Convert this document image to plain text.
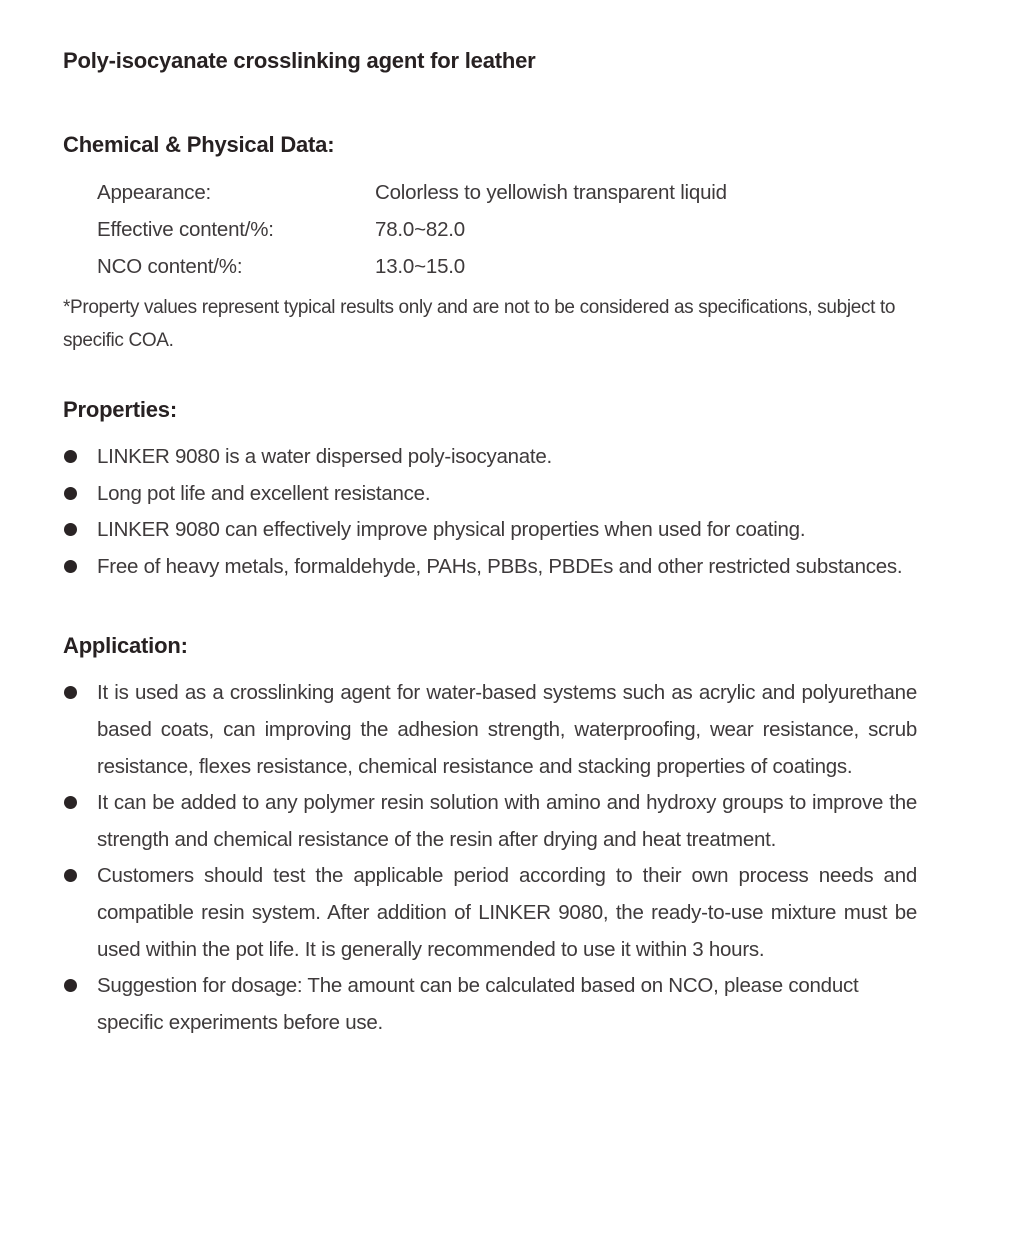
Poly-isocyanate crosslinking agent for leather
Chemical & Physical Data:
Appearance:	Colorless to yellowish transparent liquid
Effective content/%:	78.0~82.0
NCO content/%:	13.0~15.0

*Property values represent typical results only and are not to be considered as specifications, subject to specific COA.

Properties:
LINKER 9080 is a water dispersed poly-isocyanate.
Long pot life and excellent resistance.
LINKER 9080 can effectively improve physical properties when used for coating.
Free of heavy metals, formaldehyde, PAHs, PBBs, PBDEs and other restricted substances.
Application:
It is used as a crosslinking agent for water-based systems such as acrylic and polyurethane based coats, can improving the adhesion strength, waterproofing, wear resistance, scrub resistance, flexes resistance, chemical resistance and stacking properties of coatings.
It can be added to any polymer resin solution with amino and hydroxy groups to improve the strength and chemical resistance of the resin after drying and heat treatment.
Customers should test the applicable period according to their own process needs and compatible resin system. After addition of LINKER 9080, the ready-to-use mixture must be used within the pot life. It is generally recommended to use it within 3 hours.
Suggestion for dosage: The amount can be calculated based on NCO, please conduct specific experiments before use.
